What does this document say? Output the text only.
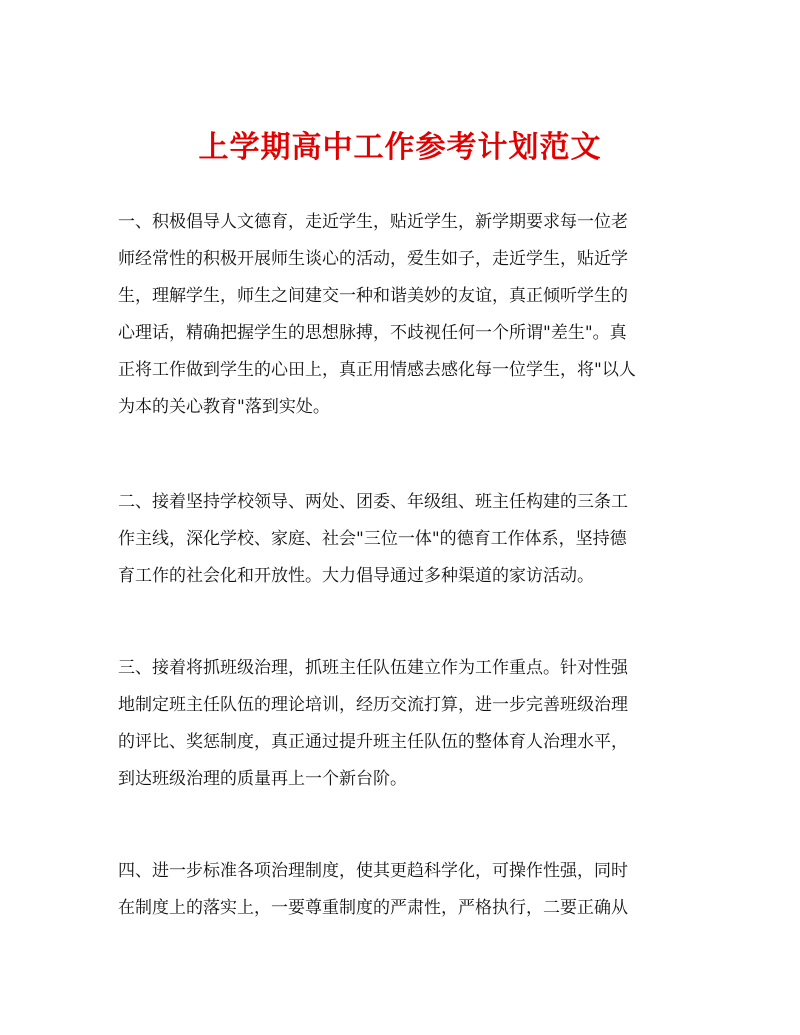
上学期高中工作参考计划范文
一、积极倡导人文德育，走近学生，贴近学生，新学期要求每一位老
师经常性的积极开展师生谈心的活动，爱生如子，走近学生，贴近学
生，理解学生，师生之间建交一种和谐美妙的友谊，真正倾听学生的
心理话，精确把握学生的思想脉搏，不歧视任何一个所谓"差生"。真
正将工作做到学生的心田上，真正用情感去感化每一位学生，将"以人
为本的关心教育"落到实处。
二、接着坚持学校领导、两处、团委、年级组、班主任构建的三条工
作主线，深化学校、家庭、社会"三位一体"的德育工作体系，坚持德
育工作的社会化和开放性。大力倡导通过多种渠道的家访活动。
三、接着将抓班级治理，抓班主任队伍建立作为工作重点。针对性强
地制定班主任队伍的理论培训，经历交流打算，进一步完善班级治理
的评比、奖惩制度，真正通过提升班主任队伍的整体育人治理水平，
到达班级治理的质量再上一个新台阶。
四、进一步标准各项治理制度，使其更趋科学化，可操作性强，同时
在制度上的落实上，一要尊重制度的严肃性，严格执行，二要正确从
